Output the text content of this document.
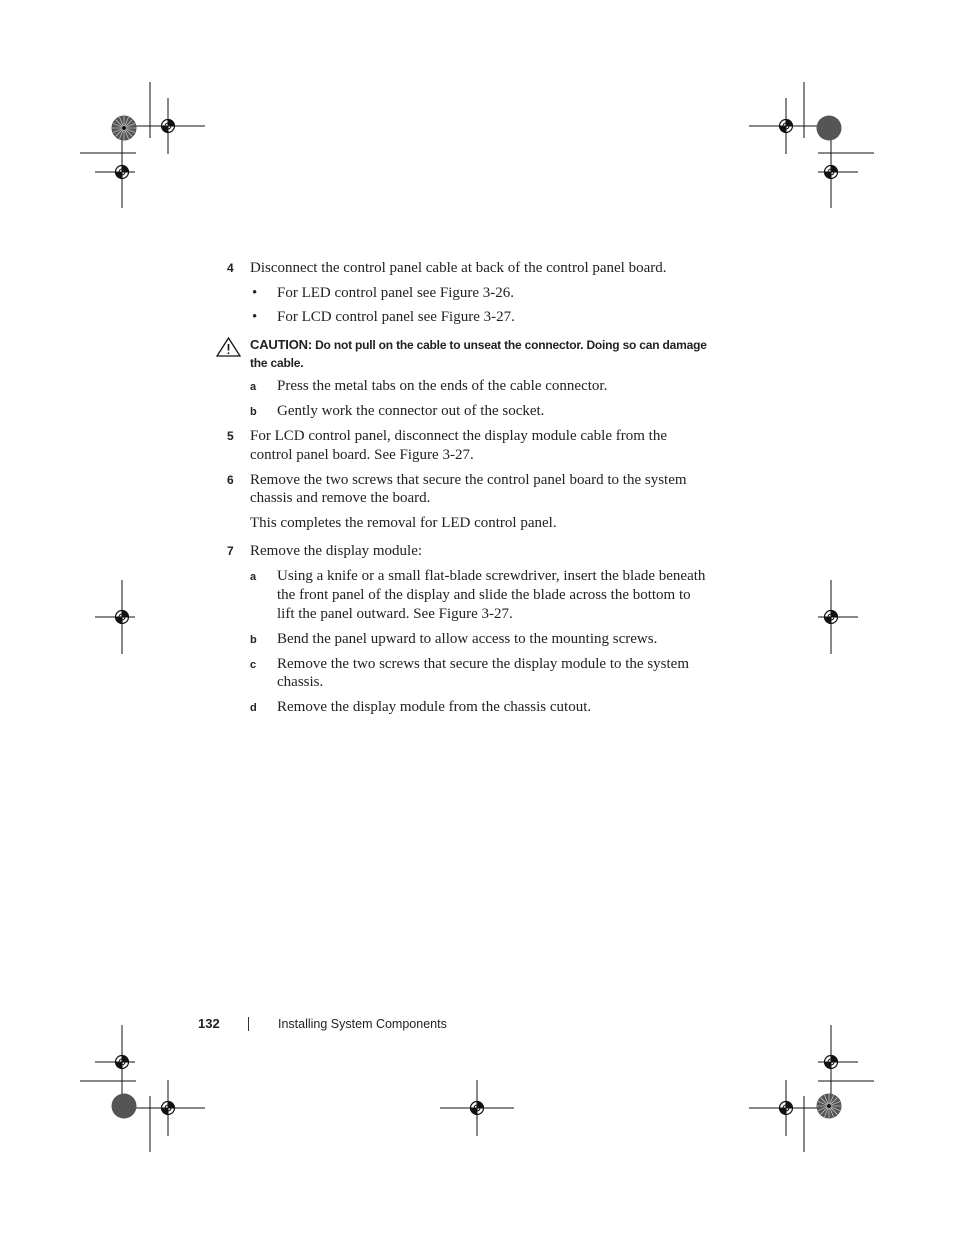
4 Disconnect the control panel cable at back of the control panel board.
• For LED control panel see Figure 3-26.
• For LCD control panel see Figure 3-27.
CAUTION: Do not pull on the cable to unseat the connector. Doing so can damage
the cable.
a Press the metal tabs on the ends of the cable connector.
b Gently work the connector out of the socket.
5 For LCD control panel, disconnect the display module cable from the
control panel board. See Figure 3-27.
6 Remove the two screws that secure the control panel board to the system
chassis and remove the board.
This completes the removal for LED control panel.
7 Remove the display module:
a Using a knife or a small flat-blade screwdriver, insert the blade beneath
the front panel of the display and slide the blade across the bottom to
lift the panel outward. See Figure 3-27.
b Bend the panel upward to allow access to the mounting screws.
c Remove the two screws that secure the display module to the system
chassis.
d Remove the display module from the chassis cutout.
132	Installing System Components
